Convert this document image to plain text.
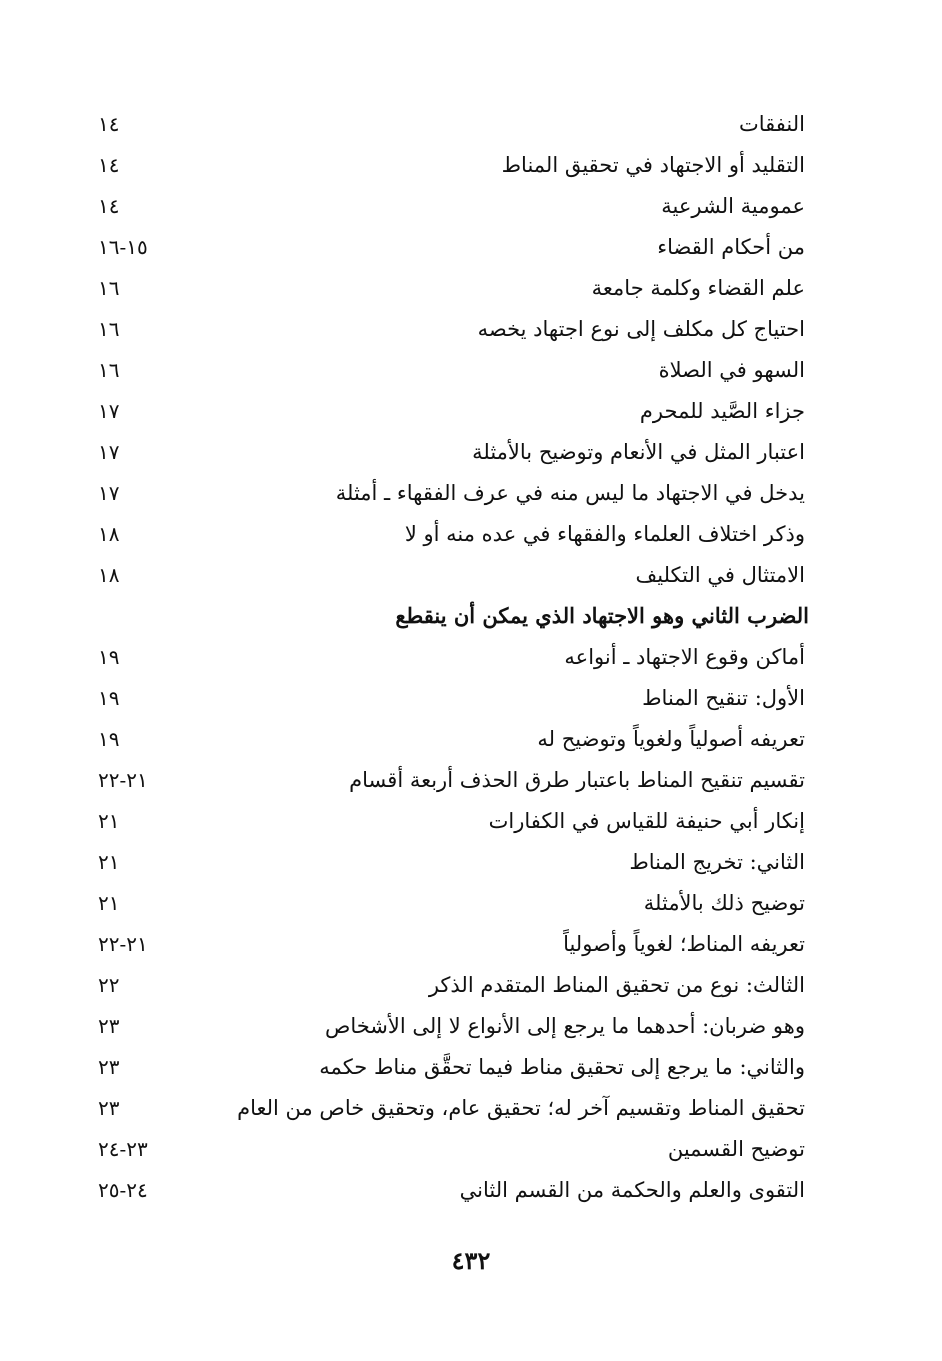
النفقات
١٤
التقليد أو الاجتهاد في تحقيق المناط
١٤
عمومية الشرعية
١٤
من أحكام القضاء
١٥-١٦
علم القضاء وكلمة جامعة
١٦
احتياج كل مكلف إلى نوع اجتهاد يخصه
١٦
السهو في الصلاة
١٦
جزاء الصَّيد للمحرم
١٧
اعتبار المثل في الأنعام وتوضيح بالأمثلة
١٧
يدخل في الاجتهاد ما ليس منه في عرف الفقهاء ـ أمثلة
١٧
وذكر اختلاف العلماء والفقهاء في عده منه أو لا
١٨
الامتثال في التكليف
١٨
الضرب الثاني وهو الاجتهاد الذي يمكن أن ينقطع
أماكن وقوع الاجتهاد ـ أنواعه
١٩
الأول: تنقيح المناط
١٩
تعريفه أصولياً ولغوياً وتوضيح له
١٩
تقسيم تنقيح المناط باعتبار طرق الحذف أربعة أقسام
٢١-٢٢
إنكار أبي حنيفة للقياس في الكفارات
٢١
الثاني: تخريج المناط
٢١
توضيح ذلك بالأمثلة
٢١
تعريفه المناط؛ لغوياً وأصولياً
٢١-٢٢
الثالث: نوع من تحقيق المناط المتقدم الذكر
٢٢
وهو ضربان: أحدهما ما يرجع إلى الأنواع لا إلى الأشخاص
٢٣
والثاني: ما يرجع إلى تحقيق مناط فيما تحقَّق مناط حكمه
٢٣
تحقيق المناط وتقسيم آخر له؛ تحقيق عام، وتحقيق خاص من العام
٢٣
توضيح القسمين
٢٣-٢٤
التقوى والعلم والحكمة من القسم الثاني
٢٤-٢٥
٤٣٢
